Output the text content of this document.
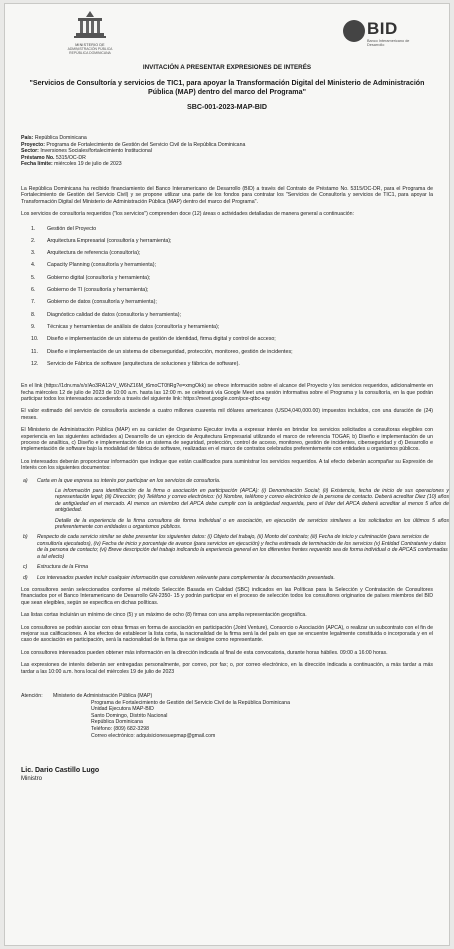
MINISTERIO DE
ADMINISTRACIÓN PÚBLICA
REPÚBLICA DOMINICANA
BID
Banco Interamericano de Desarrollo
INVITACIÓN A PRESENTAR EXPRESIONES DE INTERÉS
"Servicios de Consultoría y servicios de TIC1, para apoyar la Transformación Digital del Ministerio de Administración Pública (MAP) dentro del marco del Programa"
SBC-001-2023-MAP-BID
País: República Dominicana
Proyecto: Programa de Fortalecimiento de Gestión del Servicio Civil de la República Dominicana
Sector: Inversiones Sociales/fortalecimiento Institucional
Préstamo No. 5315/OC-DR
Fecha límite: miércoles 19 de julio de 2023
La República Dominicana ha recibido financiamiento del Banco Interamericano de Desarrollo (BID) a través del Contrato de Préstamo No. 5315/OC-DR, para el Programa de Fortalecimiento de Gestión del Servicio Civil) y se propone utilizar una parte de los fondos para contratar los "Servicios de Consultoría y servicios de TIC1, para apoyar la Transformación Digital del Ministerio de Administración Pública (MAP) dentro del marco del Programa".
Los servicios de consultoría requeridos ("los servicios") comprenden doce (12) áreas o actividades detalladas de manera general a continuación:
1.	Gestión del Proyecto
2.	Arquitectura Empresarial (consultoría y herramienta);
3.	Arquitectura de referencia (consultoría);
4.	Capacity Planning (consultoría y herramienta);
5.	Gobierno digital (consultoría y herramienta);
6.	Gobierno de TI (consultoría y herramienta);
7.	Gobierno de datos (consultoría y herramienta);
8.	Diagnóstico calidad de datos (consultoría y herramienta);
9.	Técnicas y herramientas de análisis de datos (consultoría y herramienta);
10.	Diseño e implementación de un sistema de gestión de identidad, firma digital y control de acceso;
11.	Diseño e implementación de un sistema de ciberseguridad, protección, monitoreo, gestión de incidentes;
12.	Servicio de Fábrica de software (arquitectura de soluciones y fábrica de software).
En el link (https://1drv.ms/x/s!Ao3RA12rV_W6hZ16M_t6moCT0fiRg?e=xmgOkk) se ofrece información sobre el alcance del Proyecto y los servicios requeridos, adicionalmente en fecha miércoles 12 de julio de 2023 de 10:00 a.m. hasta las 12:00 m. se celebrará vía Google Meet una sesión informativa sobre el Programa y la consultoría, en la que podrán participar todos los interesados accediendo a través del siguiente link: https://meet.google.com/pce-qtbc-eqy
El valor estimado del servicio de consultoría asciende a cuatro millones cuarenta mil dólares americanos (USD4,040,000.00) impuestos incluidos, con una duración de (24) meses.
El Ministerio de Administración Pública (MAP) en su carácter de Organismo Ejecutor invita a expresar interés en brindar los servicios solicitados a consultoras elegibles con experiencia en las siguientes actividades a) Desarrollo de un ejercicio de Arquitectura Empresarial utilizando el marco de referencia TOGAF, b) Diseño e implementación de un proceso de analítica, c) Diseño e implementación de un sistema de seguridad, protección, control de acceso, monitoreo, gestión de incidentes, ciberseguridad y d) Desarrollo e implementación de software bajo la modalidad de fábrica de software, realizadas en el marco de contratos celebrados preferentemente con entidades u organismos públicos.
Los interesados deberán proporcionar información que indique que están cualificados para suministrar los servicios requeridos. A tal efecto deberán acompañar su Expresión de Interés con los siguientes documentos:
a)	Carta en la que expresa su interés por participar en los servicios de consultoría.
La información para identificación de la firma o asociación en participación (APCA): (i) Denominación Social; (ii) Existencia, fecha de inicio de sus operaciones y representación legal; (iii) Dirección; (iv) Teléfono y correo electrónico: (v) Nombre, teléfono y correo electrónico de la persona de contacto. Deberá acreditar Diez (10) años de antigüedad en el mercado. Al menos un miembro del APCA debe cumplir con la antigüedad requerida, pero el líder del APCA deberá acreditar al menos 5 años de antigüedad.
Detalle de la experiencia de la firma consultora de forma individual o en asociación, en ejecución de servicios similares a los solicitados en los últimos 5 años preferentemente con entidades u organismos públicos.
b)	Respecto de cada servicio similar se debe presentar los siguientes datos: (i) Objeto del trabajo, (ii) Monto del contrato; (iii) Fecha de inicio y culminación (para servicios de consultoría ejecutados), (iv) Fecha de inicio y porcentaje de avance (para servicios en ejecución) y fecha estimada de terminación de los servicios (v) Entidad Contratante y datos de la persona de contacto; (vi) Breve descripción del trabajo indicando la experiencia general en los diferentes frentes requerido sea de forma individual o de APCAS conformadas a tal efecto)
c)	Estructura de la Firma
d)	Los interesados pueden incluir cualquier información que consideren relevante para complementar la documentación presentada.
Los consultores serán seleccionados conforme al método Selección Basada en Calidad (SBC) indicados en las Políticas para la Selección y Contratación de Consultores financiados por el Banco Interamericano de Desarrollo GN-2350- 15 y podrán participar en el proceso de selección todos los consultores originarios de países miembros del BID que sean elegibles, según se especifica en dichas políticas.
Las listas cortas incluirán un mínimo de cinco (5) y un máximo de ocho (8) firmas con una amplia representación geográfica.
Los consultores se podrán asociar con otras firmas en forma de asociación en participación (Joint Venture), Consorcio o Asociación (APCA), o realizar un subcontrato con el fin de mejorar sus calificaciones. A los efectos de establecer la lista corta, la nacionalidad de la firma será la del país en que se encuentre legalmente constituida o incorporada y en el caso de asociación en participación, será la nacionalidad de la firma que se designe como representante.
Los consultores interesados pueden obtener más información en la dirección indicada al final de esta convocatoria, durante horas hábiles. 09:00 a 16:00 horas.
Las expresiones de interés deberán ser entregadas personalmente, por correo, por fax; o, por correo electrónico, en la dirección indicada a continuación, a más tardar a más tardar a las 10:00 a.m. hora local del miércoles 19 de julio de 2023
Atención:	Ministerio de Administración Pública (MAP)
Programa de Fortalecimiento de Gestión del Servicio Civil de la República Dominicana
Unidad Ejecutora MAP-BID
Santo Domingo, Distrito Nacional
República Dominicana
Teléfono: (809) 682-3298
Correo electrónico: adquisicionesuepmap@gmail.com
Lic. Dario Castillo Lugo
Ministro
